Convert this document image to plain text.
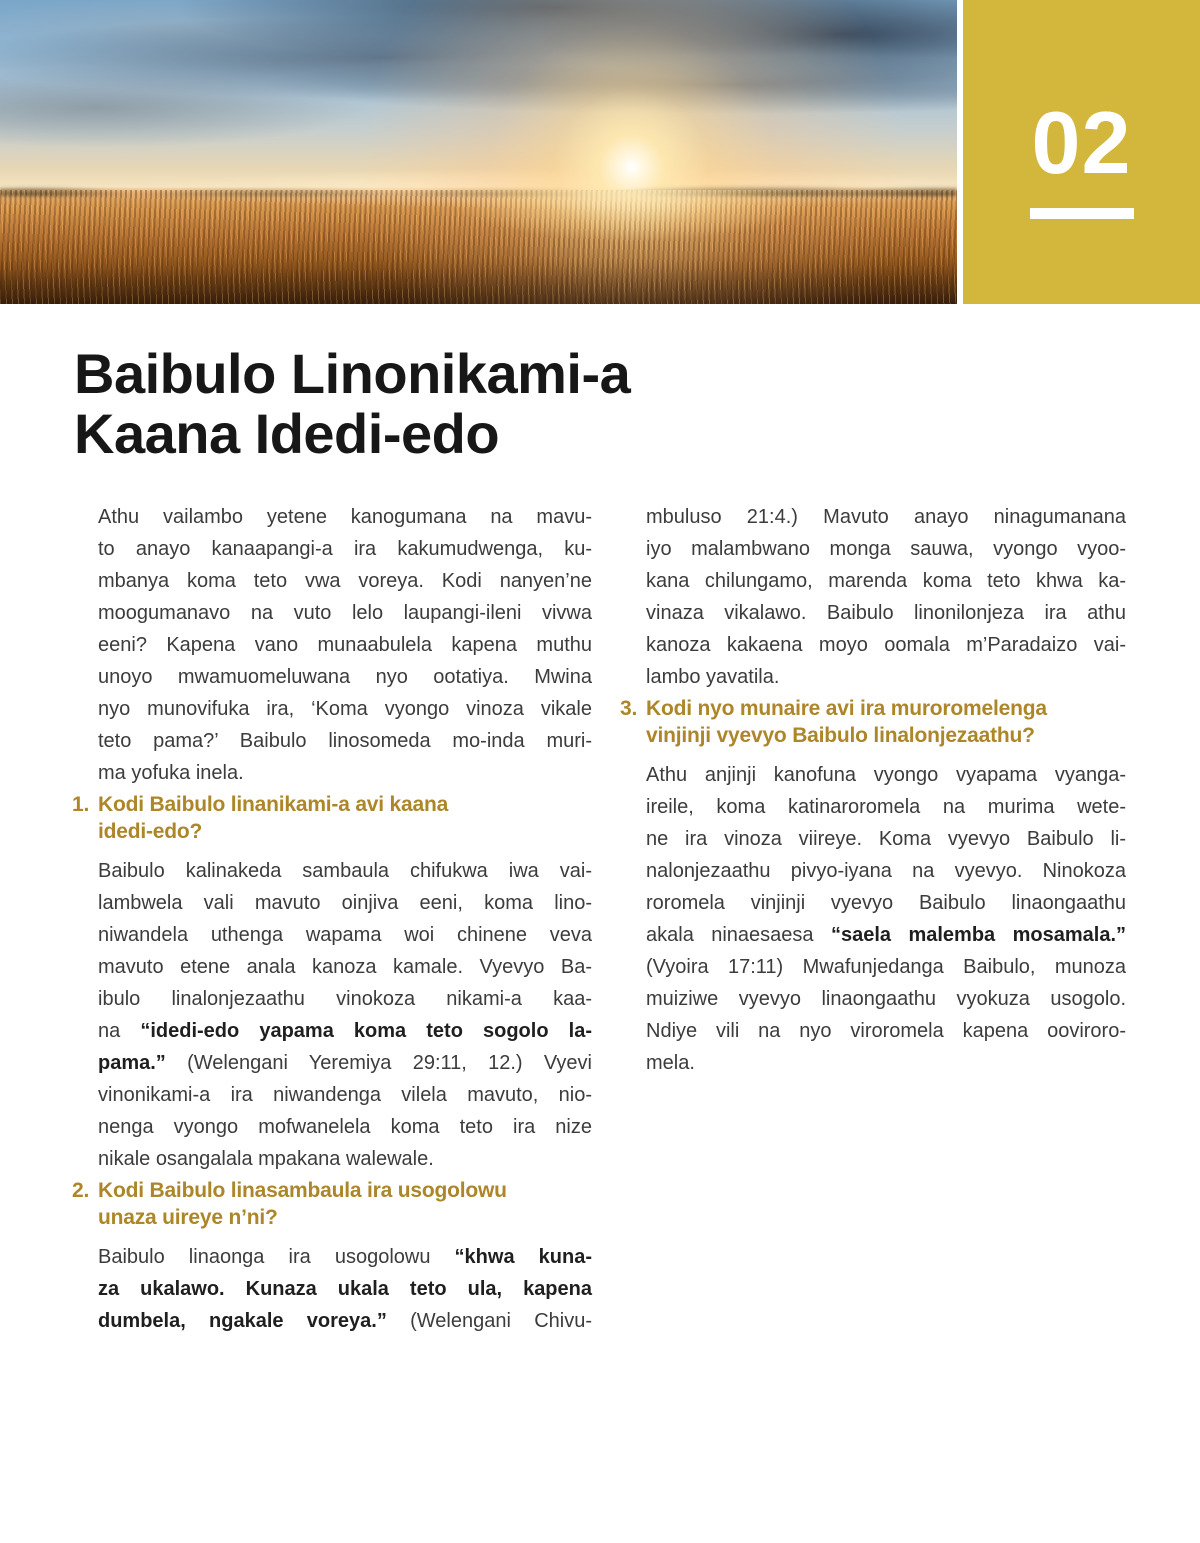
02
Baibulo Linonikami-a
Kaana Idedi-edo
Athu vailambo yetene kanogumana na mavu-
to anayo kanaapangi-a ira kakumudwenga, ku-
mbanya koma teto vwa voreya. Kodi nanyen’ne
moogumanavo na vuto lelo laupangi-ileni vivwa
eeni? Kapena vano munaabulela kapena muthu
unoyo mwamuomeluwana nyo ootatiya. Mwina
nyo munovifuka ira, ‘Koma vyongo vinoza vikale
teto pama?’ Baibulo linosomeda mo-inda muri-
ma yofuka inela.
1. Kodi Baibulo linanikami-a avi kaana
idedi-edo?
Baibulo kalinakeda sambaula chifukwa iwa vai-
lambwela vali mavuto oinjiva eeni, koma lino-
niwandela uthenga wapama woi chinene veva
mavuto etene anala kanoza kamale. Vyevyo Ba-
ibulo linalonjezaathu vinokoza nikami-a kaa-
na “idedi-edo yapama koma teto sogolo la-
pama.” (Welengani Yeremiya 29:11, 12.) Vyevi
vinonikami-a ira niwandenga vilela mavuto, nio-
nenga vyongo mofwanelela koma teto ira nize
nikale osangalala mpakana walewale.
2. Kodi Baibulo linasambaula ira usogolowu
unaza uireye n’ni?
Baibulo linaonga ira usogolowu “khwa kuna-
za ukalawo. Kunaza ukala teto ula, kapena
dumbela, ngakale voreya.” (Welengani Chivu-
mbuluso 21:4.) Mavuto anayo ninagumanana
iyo malambwano monga sauwa, vyongo vyoo-
kana chilungamo, marenda koma teto khwa ka-
vinaza vikalawo. Baibulo linonilonjeza ira athu
kanoza kakaena moyo oomala m’Paradaizo vai-
lambo yavatila.
3. Kodi nyo munaire avi ira muroromelenga
vinjinji vyevyo Baibulo linalonjezaathu?
Athu anjinji kanofuna vyongo vyapama vyanga-
ireile, koma katinaroromela na murima wete-
ne ira vinoza viireye. Koma vyevyo Baibulo li-
nalonjezaathu pivyo-iyana na vyevyo. Ninokoza
roromela vinjinji vyevyo Baibulo linaongaathu
akala ninaesaesa “saela malemba mosamala.”
(Vyoira 17:11) Mwafunjedanga Baibulo, munoza
muiziwe vyevyo linaongaathu vyokuza usogolo.
Ndiye vili na nyo viroromela kapena ooviroro-
mela.
